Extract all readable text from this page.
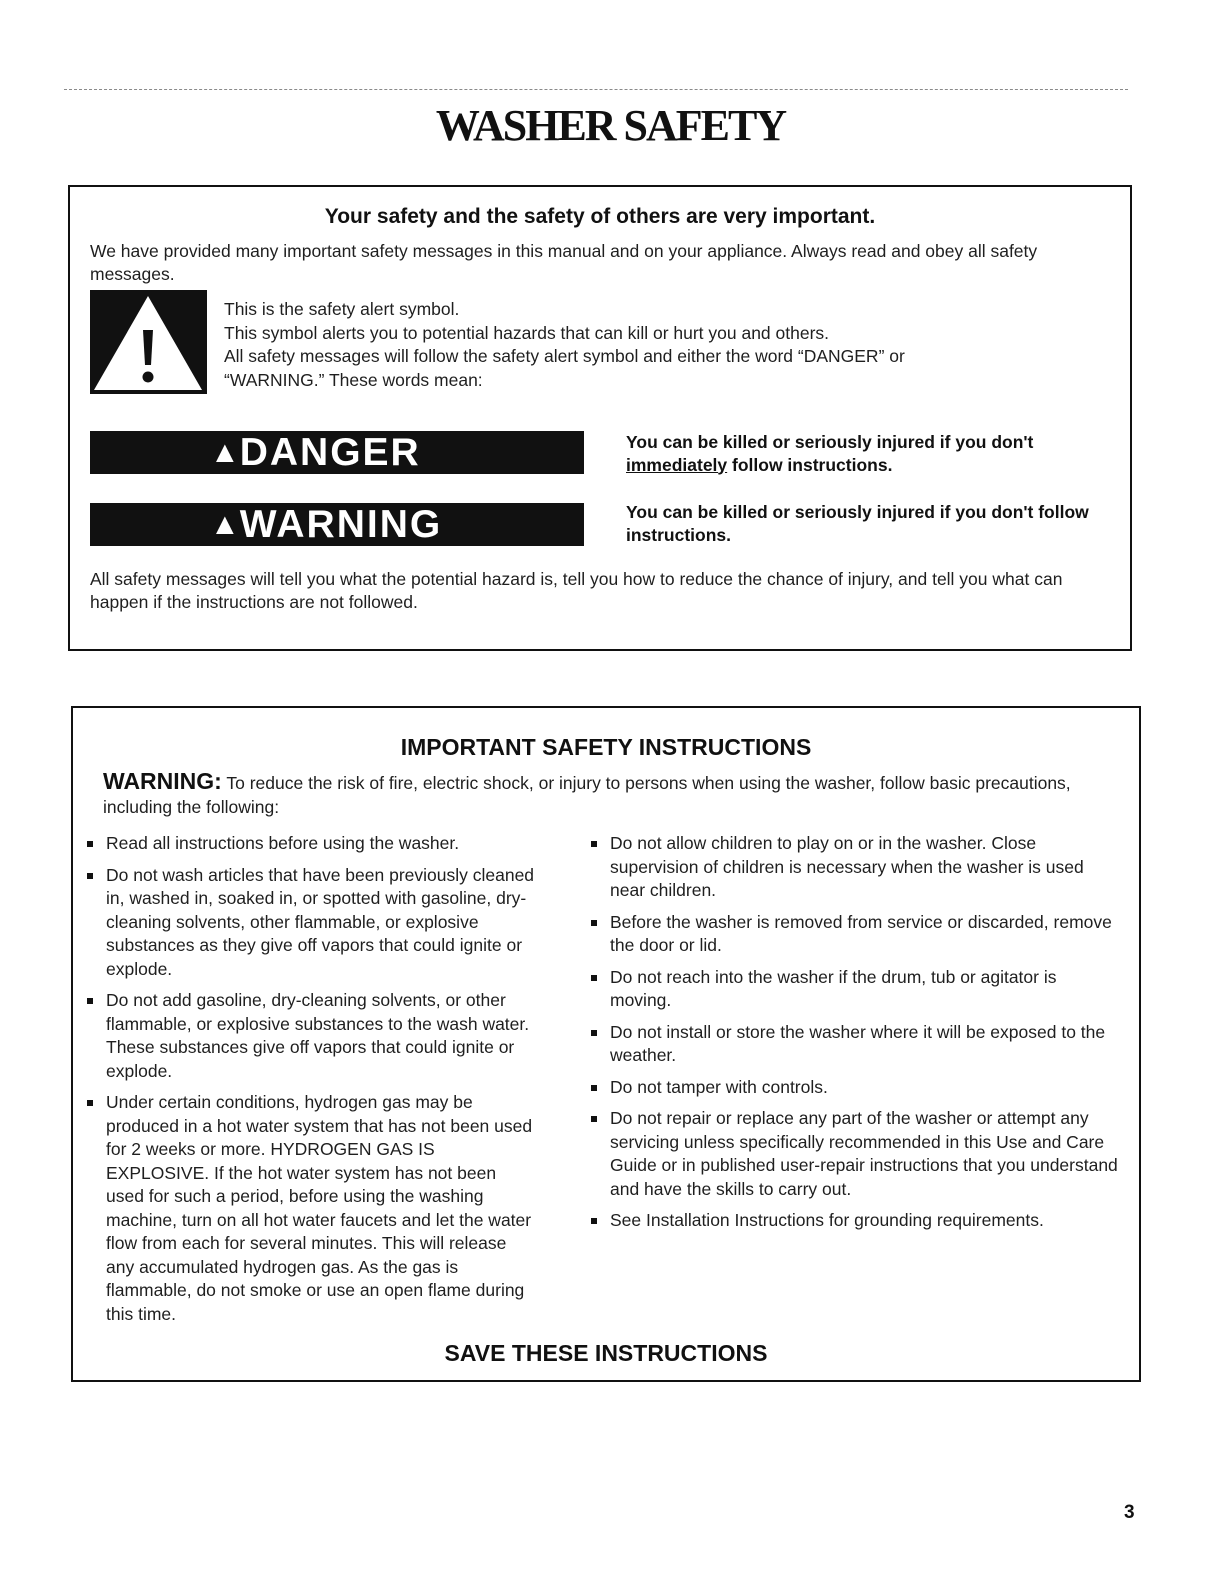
WASHER SAFETY
Your safety and the safety of others are very important.
We have provided many important safety messages in this manual and on your appliance. Always read and obey all safety messages.
This is the safety alert symbol.
This symbol alerts you to potential hazards that can kill or hurt you and others.
All safety messages will follow the safety alert symbol and either the word “DANGER” or “WARNING.” These words mean:
▲DANGER	You can be killed or seriously injured if you don't immediately follow instructions.
▲WARNING	You can be killed or seriously injured if you don't follow instructions.
All safety messages will tell you what the potential hazard is, tell you how to reduce the chance of injury, and tell you what can happen if the instructions are not followed.
IMPORTANT SAFETY INSTRUCTIONS
WARNING: To reduce the risk of fire, electric shock, or injury to persons when using the washer, follow basic precautions, including the following:
Read all instructions before using the washer.
Do not wash articles that have been previously cleaned in, washed in, soaked in, or spotted with gasoline, dry-cleaning solvents, other flammable, or explosive substances as they give off vapors that could ignite or explode.
Do not add gasoline, dry-cleaning solvents, or other flammable, or explosive substances to the wash water. These substances give off vapors that could ignite or explode.
Under certain conditions, hydrogen gas may be produced in a hot water system that has not been used for 2 weeks or more. HYDROGEN GAS IS EXPLOSIVE. If the hot water system has not been used for such a period, before using the washing machine, turn on all hot water faucets and let the water flow from each for several minutes. This will release any accumulated hydrogen gas. As the gas is flammable, do not smoke or use an open flame during this time.
Do not allow children to play on or in the washer. Close supervision of children is necessary when the washer is used near children.
Before the washer is removed from service or discarded, remove the door or lid.
Do not reach into the washer if the drum, tub or agitator is moving.
Do not install or store the washer where it will be exposed to the weather.
Do not tamper with controls.
Do not repair or replace any part of the washer or attempt any servicing unless specifically recommended in this Use and Care Guide or in published user-repair instructions that you understand and have the skills to carry out.
See Installation Instructions for grounding requirements.
SAVE THESE INSTRUCTIONS
3
